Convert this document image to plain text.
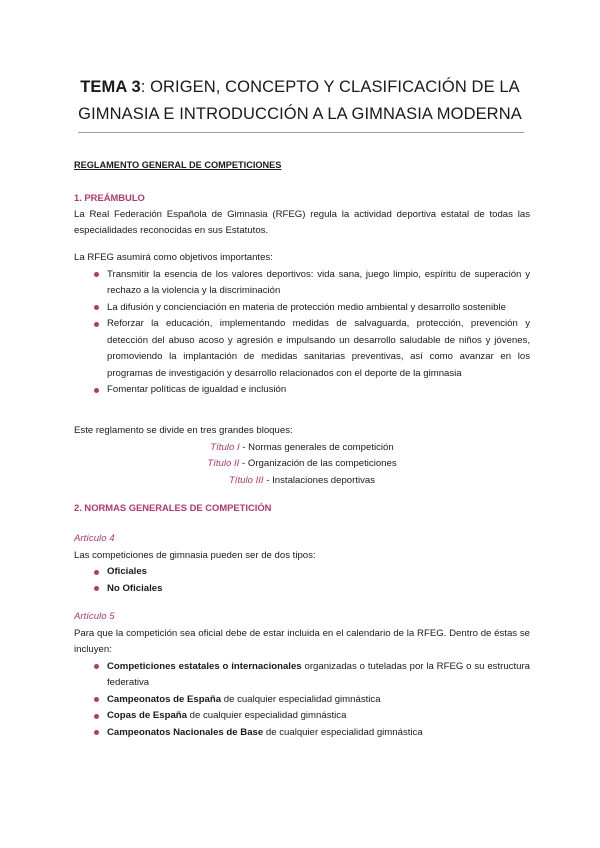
TEMA 3: ORIGEN, CONCEPTO Y CLASIFICACIÓN DE LA
GIMNASIA E INTRODUCCIÓN A LA GIMNASIA MODERNA
REGLAMENTO GENERAL DE COMPETICIONES
1. PREÁMBULO
La Real Federación Española de Gimnasia (RFEG) regula la actividad deportiva estatal de todas las especialidades reconocidas en sus Estatutos.
La RFEG asumirá como objetivos importantes:
Transmitir la esencia de los valores deportivos: vida sana, juego limpio, espíritu de superación y rechazo a la violencia y la discriminación
La difusión y concienciación en materia de protección medio ambiental y desarrollo sostenible
Reforzar la educación, implementando medidas de salvaguarda, protección, prevención y detección del abuso acoso y agresión e impulsando un desarrollo saludable de niños y jóvenes, promoviendo la implantación de medidas sanitarias preventivas, así como avanzar en los programas de investigación y desarrollo relacionados con el deporte de la gimnasia
Fomentar políticas de igualdad e inclusión
Este reglamento se divide en tres grandes bloques:
Título I - Normas generales de competición
Título II - Organización de las competiciones
Título III - Instalaciones deportivas
2. NORMAS GENERALES DE COMPETICIÓN
Artículo 4
Las competiciones de gimnasia pueden ser de dos tipos:
Oficiales
No Oficiales
Artículo 5
Para que la competición sea oficial debe de estar incluida en el calendario de la RFEG. Dentro de éstas se incluyen:
Competiciones estatales o internacionales organizadas o tuteladas por la RFEG o su estructura federativa
Campeonatos de España de cualquier especialidad gimnástica
Copas de España de cualquier especialidad gimnástica
Campeonatos Nacionales de Base de cualquier especialidad gimnástica
